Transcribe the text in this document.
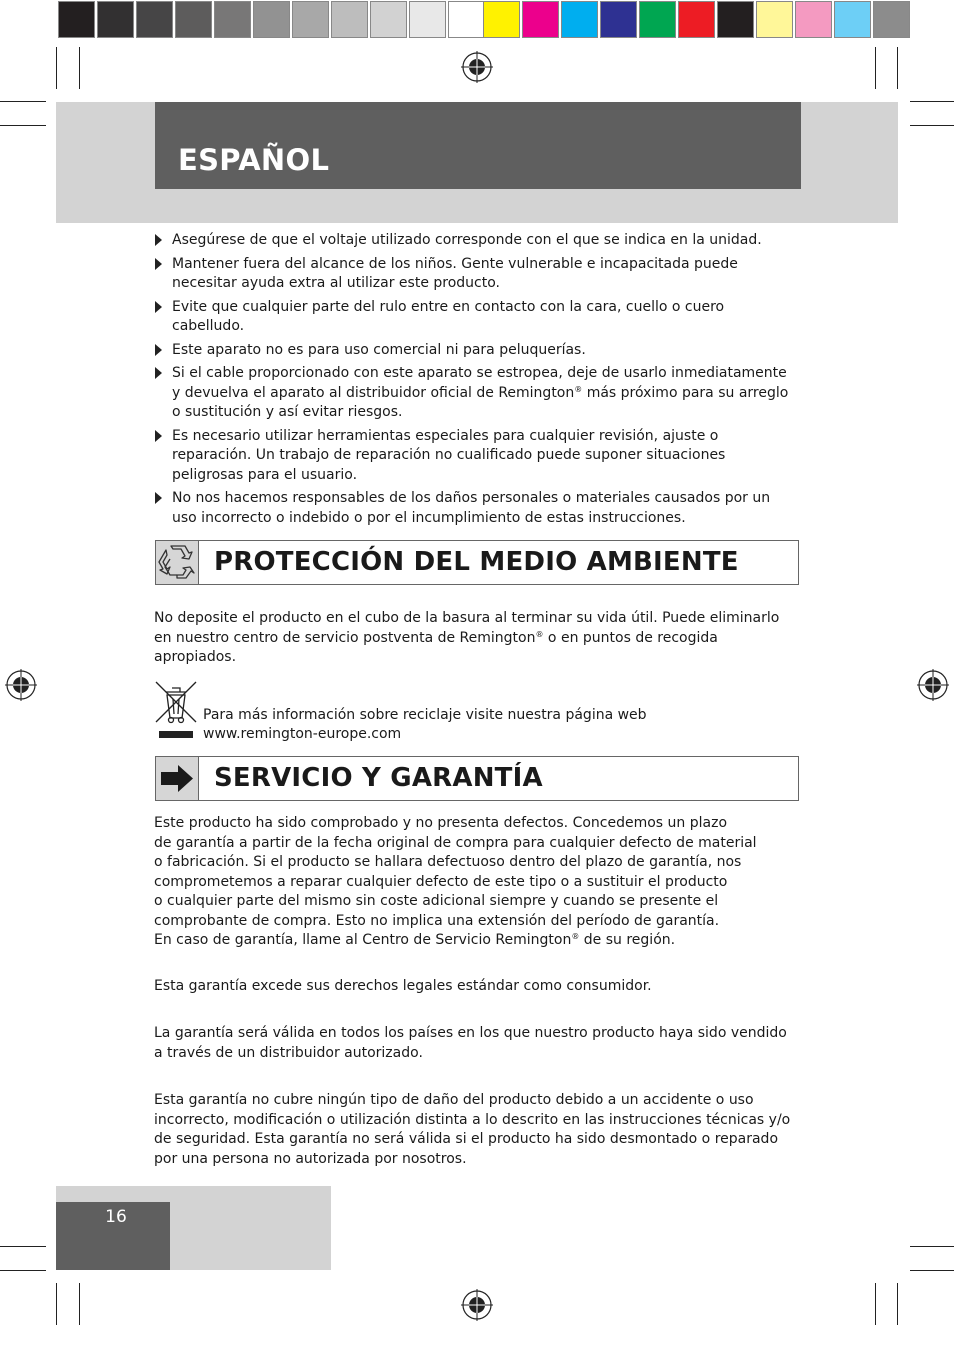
ESPAÑOL
Asegúrese de que el voltaje utilizado corresponde con el que se indica en la unidad.
Mantener fuera del alcance de los niños. Gente vulnerable e incapacitada puede necesitar ayuda extra al utilizar este producto.
Evite que cualquier parte del rulo entre en contacto con la cara, cuello o cuero cabelludo.
Este aparato no es para uso comercial ni para peluquerías.
Si el cable proporcionado con este aparato se estropea, deje de usarlo inmediatamente y devuelva el aparato al distribuidor oficial de Remington® más próximo para su arreglo o sustitución y así evitar riesgos.
Es necesario utilizar herramientas especiales para cualquier revisión, ajuste o reparación. Un trabajo de reparación no cualificado puede suponer situaciones peligrosas para el usuario.
No nos hacemos responsables de los daños personales o materiales causados por un uso incorrecto o indebido o por el incumplimiento de estas instrucciones.
PROTECCIÓN DEL MEDIO AMBIENTE

No deposite el producto en el cubo de la basura al terminar su vida útil. Puede eliminarlo en nuestro centro de servicio postventa de Remington® o en puntos de recogida apropiados.

Para más información sobre reciclaje visite nuestra página web
www.remington-europe.com
SERVICIO Y GARANTÍA
Este producto ha sido comprobado y no presenta defectos. Concedemos un plazo
de garantía a partir de la fecha original de compra para cualquier defecto de material
o fabricación. Si el producto se hallara defectuoso dentro del plazo de garantía, nos
comprometemos a reparar cualquier defecto de este tipo o a sustituir el producto
o cualquier parte del mismo sin coste adicional siempre y cuando se presente el
comprobante de compra. Esto no implica una extensión del período de garantía.
En caso de garantía, llame al Centro de Servicio Remington® de su región.

Esta garantía excede sus derechos legales estándar como consumidor.

La garantía será válida en todos los países en los que nuestro producto haya sido vendido a través de un distribuidor autorizado.

Esta garantía no cubre ningún tipo de daño del producto debido a un accidente o uso incorrecto, modificación o utilización distinta a lo descrito en las instrucciones técnicas y/o de seguridad. Esta garantía no será válida si el producto ha sido desmontado o reparado por una persona no autorizada por nosotros.

16
